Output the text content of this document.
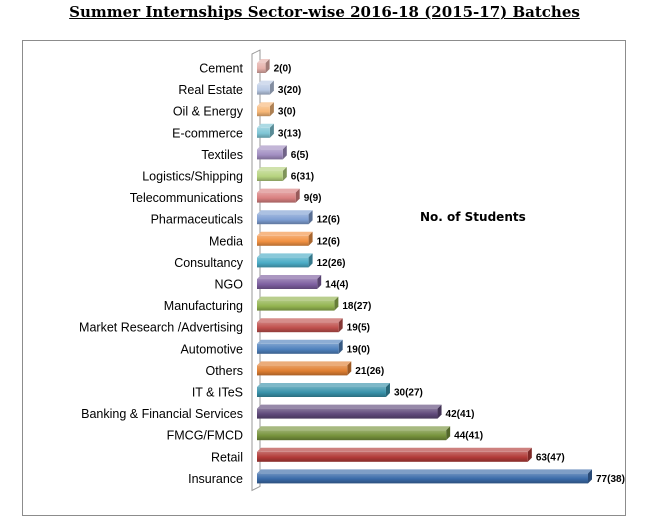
Summer Internships Sector-wise 2016-18 (2015-17) Batches
Cement
Real Estate
Oil & Energy
E-commerce
Textiles
Logistics/Shipping
Telecommunications
Pharmaceuticals
Media
Consultancy
NGO
Manufacturing
Market Research /Advertising
Automotive
Others
IT & ITeS
Banking & Financial Services
FMCG/FMCD
Retail
Insurance
2(0)
3(20)
3(0)
3(13)
6(5)
6(31)
9(9)
12(6)
12(6)
12(26)
14(4)
18(27)
19(5)
19(0)
21(26)
30(27)
42(41)
44(41)
63(47)
77(38)
No. of Students
